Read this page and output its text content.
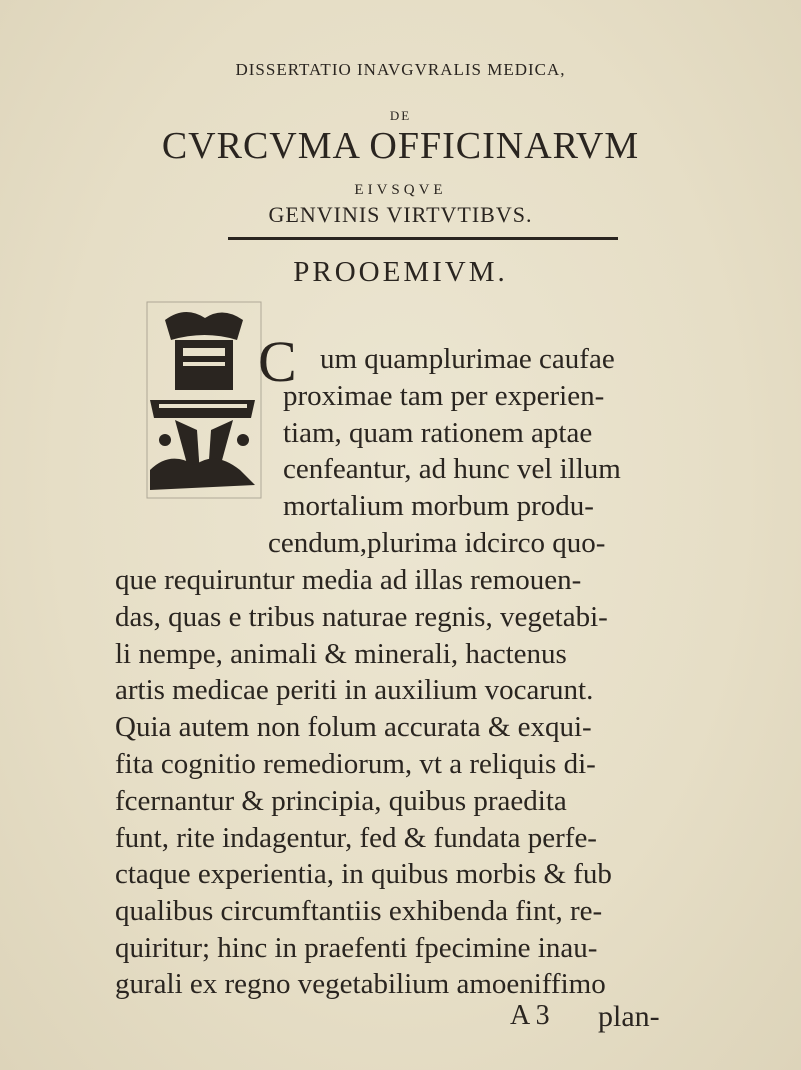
DISSERTATIO INAVGVRALIS MEDICA,
DE
CVRCVMA OFFICINARVM
EIVSQVE
GENVINIS VIRTVTIBVS.
PROOEMIVM.
C um quamplurimae caufae
proximae tam per experien-
tiam, quam rationem aptae
cenfeantur, ad hunc vel illum
mortalium morbum produ-
cendum,plurima idcirco quo-
que requiruntur media ad illas remouen-
das, quas e tribus naturae regnis, vegetabi-
li nempe, animali & minerali, hactenus
artis medicae periti in auxilium vocarunt.
Quia autem non folum accurata & exqui-
fita cognitio remediorum, vt a reliquis di-
fcernantur & principia, quibus praedita
funt, rite indagentur, fed & fundata perfe-
ctaque experientia, in quibus morbis & fub
qualibus circumftantiis exhibenda fint, re-
quiritur; hinc in praefenti fpecimine inau-
gurali ex regno vegetabilium amoeniffimo
A 3 plan-
